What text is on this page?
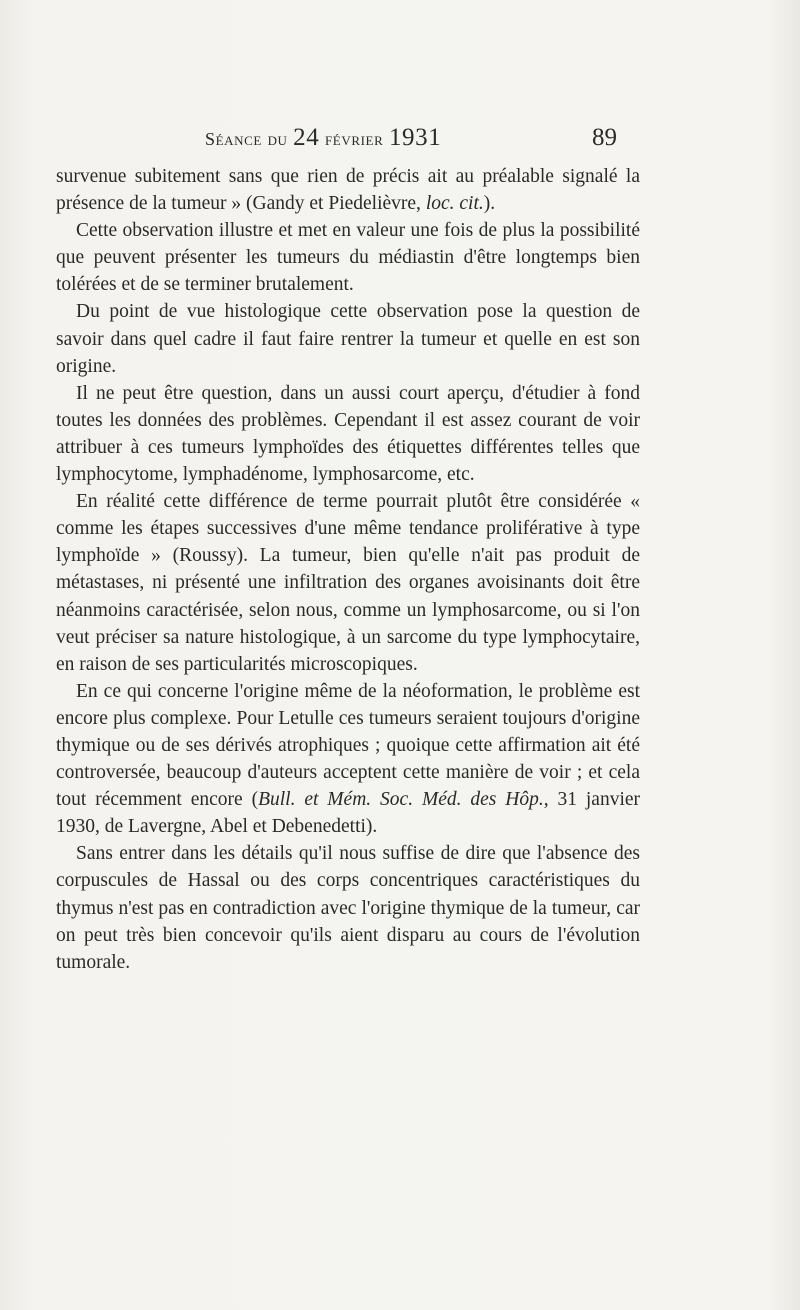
Séance du 24 février 1931	89

survenue subitement sans que rien de précis ait au préalable signalé la présence de la tumeur » (Gandy et Piedelièvre, loc. cit.).

Cette observation illustre et met en valeur une fois de plus la possibilité que peuvent présenter les tumeurs du médiastin d'être longtemps bien tolérées et de se terminer brutalement.

Du point de vue histologique cette observation pose la question de savoir dans quel cadre il faut faire rentrer la tumeur et quelle en est son origine.

Il ne peut être question, dans un aussi court aperçu, d'étudier à fond toutes les données des problèmes. Cependant il est assez courant de voir attribuer à ces tumeurs lymphoïdes des étiquettes différentes telles que lymphocytome, lymphadénome, lymphosarcome, etc.

En réalité cette différence de terme pourrait plutôt être considérée « comme les étapes successives d'une même tendance proliférative à type lymphoïde » (Roussy). La tumeur, bien qu'elle n'ait pas produit de métastases, ni présenté une infiltration des organes avoisinants doit être néanmoins caractérisée, selon nous, comme un lymphosarcome, ou si l'on veut préciser sa nature histologique, à un sarcome du type lymphocytaire, en raison de ses particularités microscopiques.

En ce qui concerne l'origine même de la néoformation, le problème est encore plus complexe. Pour Letulle ces tumeurs seraient toujours d'origine thymique ou de ses dérivés atrophiques ; quoique cette affirmation ait été controversée, beaucoup d'auteurs acceptent cette manière de voir ; et cela tout récemment encore (Bull. et Mém. Soc. Méd. des Hôp., 31 janvier 1930, de Lavergne, Abel et Debenedetti).

Sans entrer dans les détails qu'il nous suffise de dire que l'absence des corpuscules de Hassal ou des corps concentriques caractéristiques du thymus n'est pas en contradiction avec l'origine thymique de la tumeur, car on peut très bien concevoir qu'ils aient disparu au cours de l'évolution tumorale.
